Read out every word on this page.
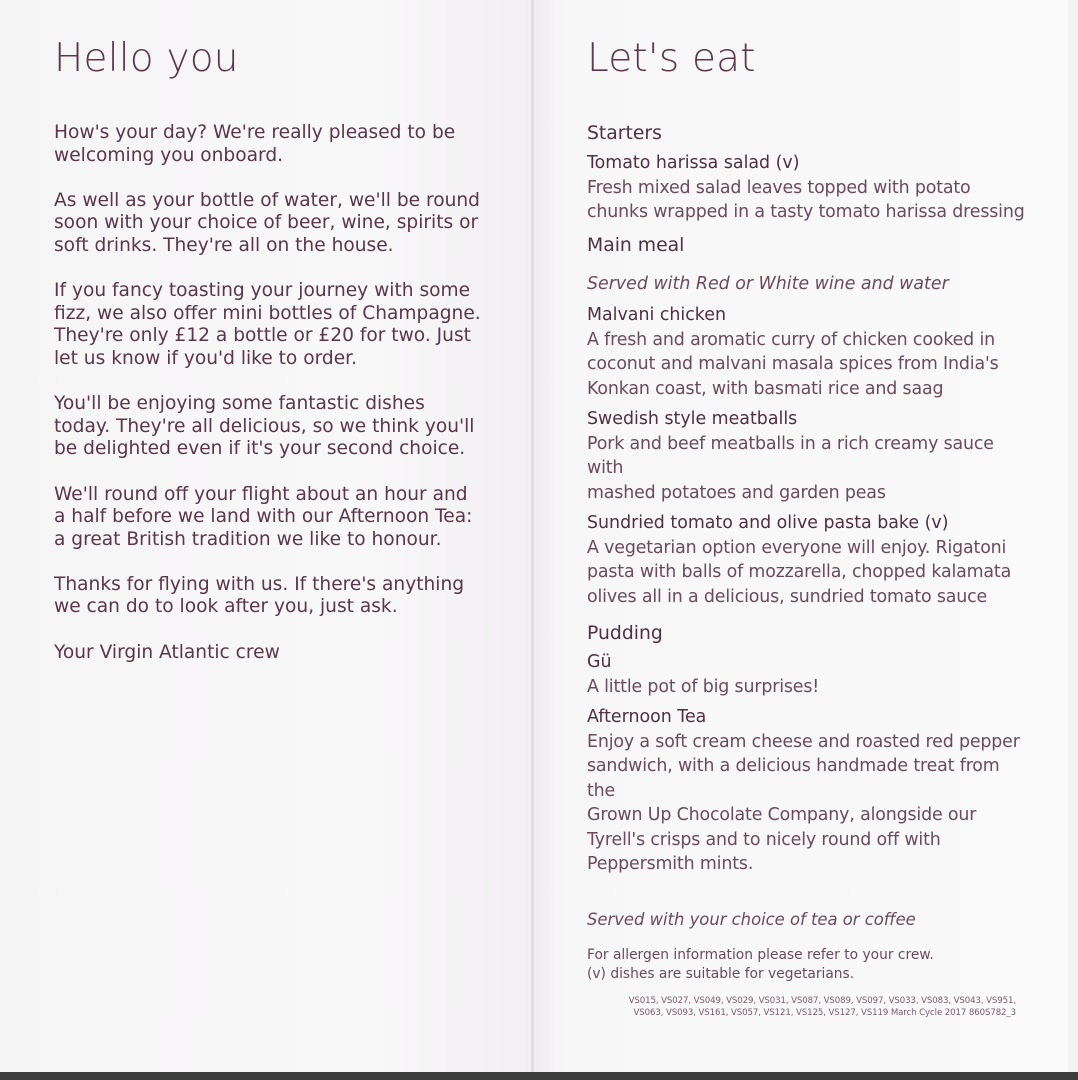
Hello you

How's your day? We're really pleased to be welcoming you onboard.

As well as your bottle of water, we'll be round soon with your choice of beer, wine, spirits or soft drinks. They're all on the house.

If you fancy toasting your journey with some fizz, we also offer mini bottles of Champagne. They're only £12 a bottle or £20 for two. Just let us know if you'd like to order.

You'll be enjoying some fantastic dishes today. They're all delicious, so we think you'll be delighted even if it's your second choice.

We'll round off your flight about an hour and a half before we land with our Afternoon Tea: a great British tradition we like to honour.

Thanks for flying with us. If there's anything we can do to look after you, just ask.

Your Virgin Atlantic crew

Let's eat

Starters

Tomato harissa salad (v)

Fresh mixed salad leaves topped with potato
chunks wrapped in a tasty tomato harissa dressing

Main meal

Served with Red or White wine and water

Malvani chicken

A fresh and aromatic curry of chicken cooked in
coconut and malvani masala spices from India's
Konkan coast, with basmati rice and saag

Swedish style meatballs

Pork and beef meatballs in a rich creamy sauce with
mashed potatoes and garden peas

Sundried tomato and olive pasta bake (v)

A vegetarian option everyone will enjoy. Rigatoni
pasta with balls of mozzarella, chopped kalamata
olives all in a delicious, sundried tomato sauce

Pudding

Gü

A little pot of big surprises!

Afternoon Tea

Enjoy a soft cream cheese and roasted red pepper
sandwich, with a delicious handmade treat from the
Grown Up Chocolate Company, alongside our
Tyrell's crisps and to nicely round off with
Peppersmith mints.

Served with your choice of tea or coffee

For allergen information please refer to your crew.

(v) dishes are suitable for vegetarians.

VS015, VS027, VS049, VS029, VS031, VS087, VS089, VS097, VS033, VS083, VS043, VS951,

VS063, VS093, VS161, VS057, VS121, VS125, VS127, VS119 March Cycle 2017 860S782_3
